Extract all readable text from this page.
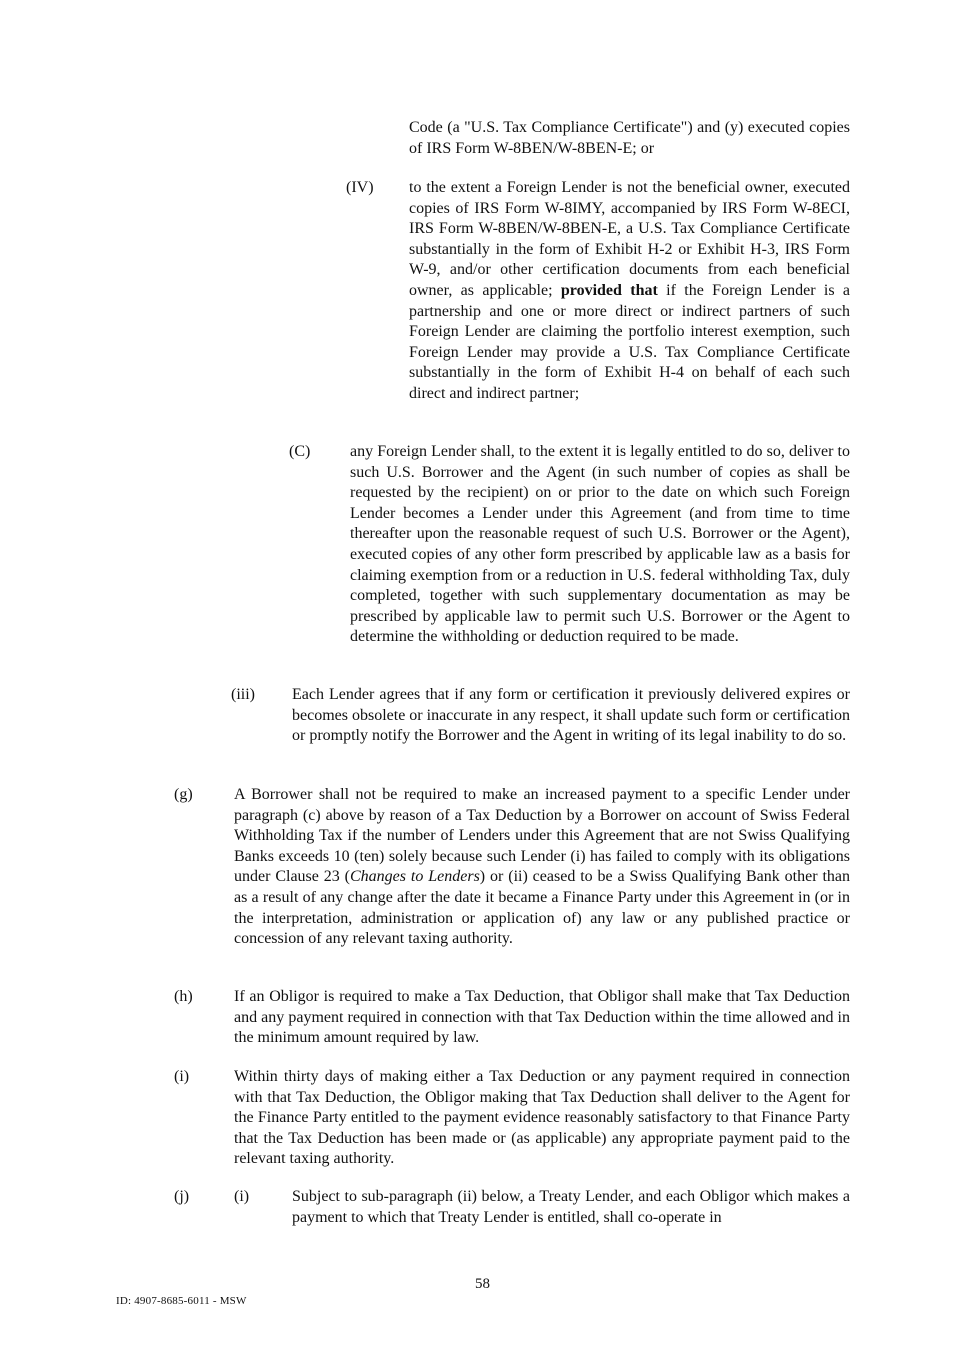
Code (a "U.S. Tax Compliance Certificate") and (y) executed copies of IRS Form W-8BEN/W-8BEN-E; or
(IV) to the extent a Foreign Lender is not the beneficial owner, executed copies of IRS Form W-8IMY, accompanied by IRS Form W-8ECI, IRS Form W-8BEN/W-8BEN-E, a U.S. Tax Compliance Certificate substantially in the form of Exhibit H-2 or Exhibit H-3, IRS Form W-9, and/or other certification documents from each beneficial owner, as applicable; provided that if the Foreign Lender is a partnership and one or more direct or indirect partners of such Foreign Lender are claiming the portfolio interest exemption, such Foreign Lender may provide a U.S. Tax Compliance Certificate substantially in the form of Exhibit H-4 on behalf of each such direct and indirect partner;
(C) any Foreign Lender shall, to the extent it is legally entitled to do so, deliver to such U.S. Borrower and the Agent (in such number of copies as shall be requested by the recipient) on or prior to the date on which such Foreign Lender becomes a Lender under this Agreement (and from time to time thereafter upon the reasonable request of such U.S. Borrower or the Agent), executed copies of any other form prescribed by applicable law as a basis for claiming exemption from or a reduction in U.S. federal withholding Tax, duly completed, together with such supplementary documentation as may be prescribed by applicable law to permit such U.S. Borrower or the Agent to determine the withholding or deduction required to be made.
(iii) Each Lender agrees that if any form or certification it previously delivered expires or becomes obsolete or inaccurate in any respect, it shall update such form or certification or promptly notify the Borrower and the Agent in writing of its legal inability to do so.
(g)	A Borrower shall not be required to make an increased payment to a specific Lender under paragraph (c) above by reason of a Tax Deduction by a Borrower on account of Swiss Federal Withholding Tax if the number of Lenders under this Agreement that are not Swiss Qualifying Banks exceeds 10 (ten) solely because such Lender (i) has failed to comply with its obligations under Clause 23 (Changes to Lenders) or (ii) ceased to be a Swiss Qualifying Bank other than as a result of any change after the date it became a Finance Party under this Agreement in (or in the interpretation, administration or application of) any law or any published practice or concession of any relevant taxing authority.
(h)	If an Obligor is required to make a Tax Deduction, that Obligor shall make that Tax Deduction and any payment required in connection with that Tax Deduction within the time allowed and in the minimum amount required by law.
(i)	Within thirty days of making either a Tax Deduction or any payment required in connection with that Tax Deduction, the Obligor making that Tax Deduction shall deliver to the Agent for the Finance Party entitled to the payment evidence reasonably satisfactory to that Finance Party that the Tax Deduction has been made or (as applicable) any appropriate payment paid to the relevant taxing authority.
(j)	(i)	Subject to sub-paragraph (ii) below, a Treaty Lender, and each Obligor which makes a payment to which that Treaty Lender is entitled, shall co-operate in
58
ID: 4907-8685-6011 - MSW
